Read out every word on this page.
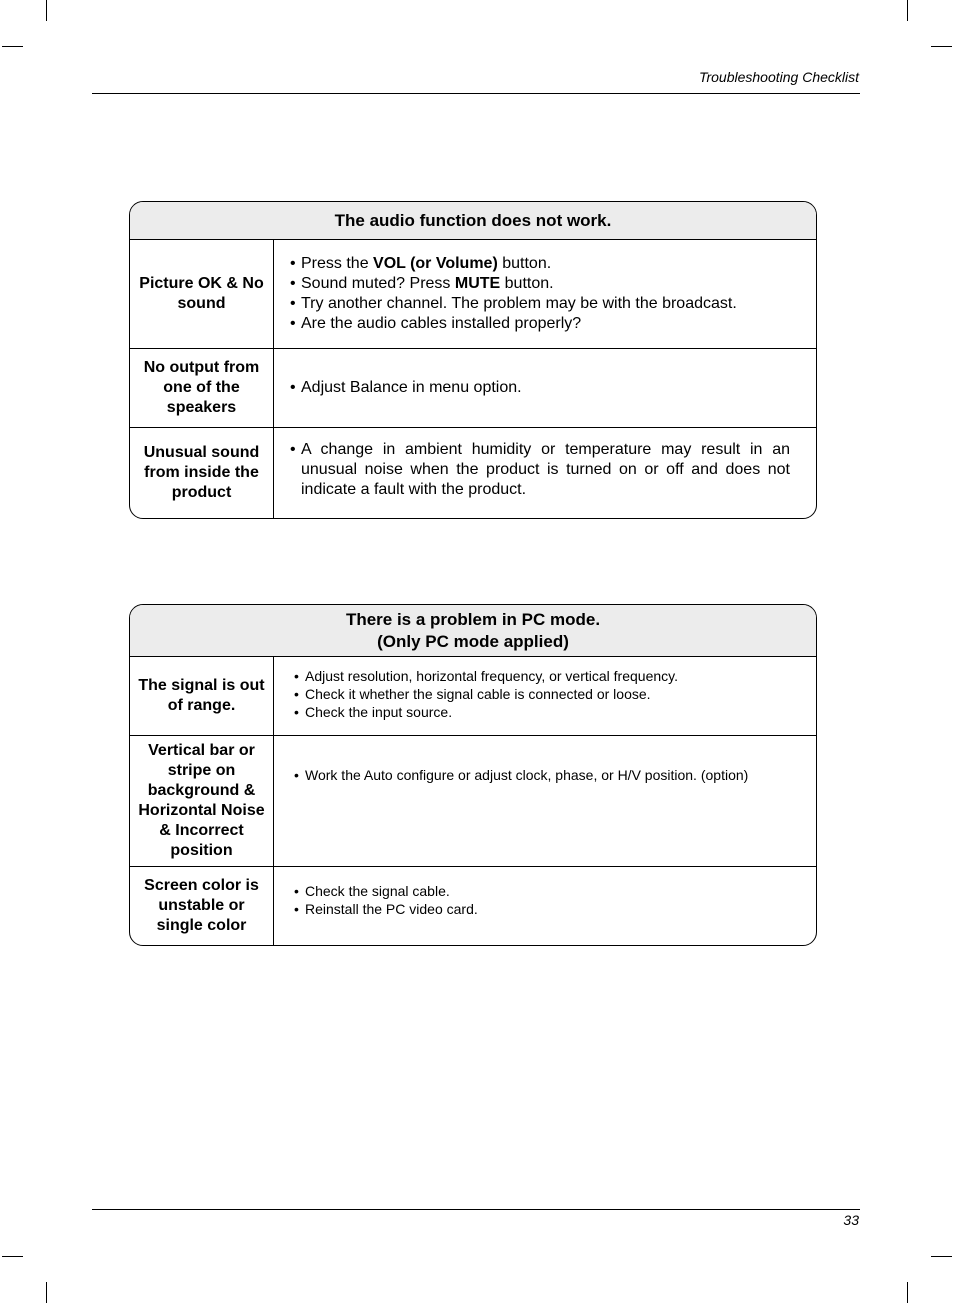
Troubleshooting Checklist
The audio function does not work.
Picture OK & No sound
• Press the VOL (or Volume) button.
• Sound muted? Press MUTE button.
• Try another channel. The problem may be with the broadcast.
• Are the audio cables installed properly?
No output from one of the speakers
• Adjust Balance in menu option.
Unusual sound from inside the product
• A change in ambient humidity or temperature may result in an unusual noise when the product is turned on or off and does not indicate a fault with the product.
There is a problem in PC mode.
(Only PC mode applied)
The signal is out of range.
• Adjust resolution, horizontal frequency, or vertical frequency.
• Check it whether the signal cable is connected or loose.
• Check the input source.
Vertical bar or stripe on background & Horizontal Noise & Incorrect position
• Work the Auto configure or adjust clock, phase, or H/V position. (option)
Screen color is unstable or single color
• Check the signal cable.
• Reinstall the PC video card.
33
